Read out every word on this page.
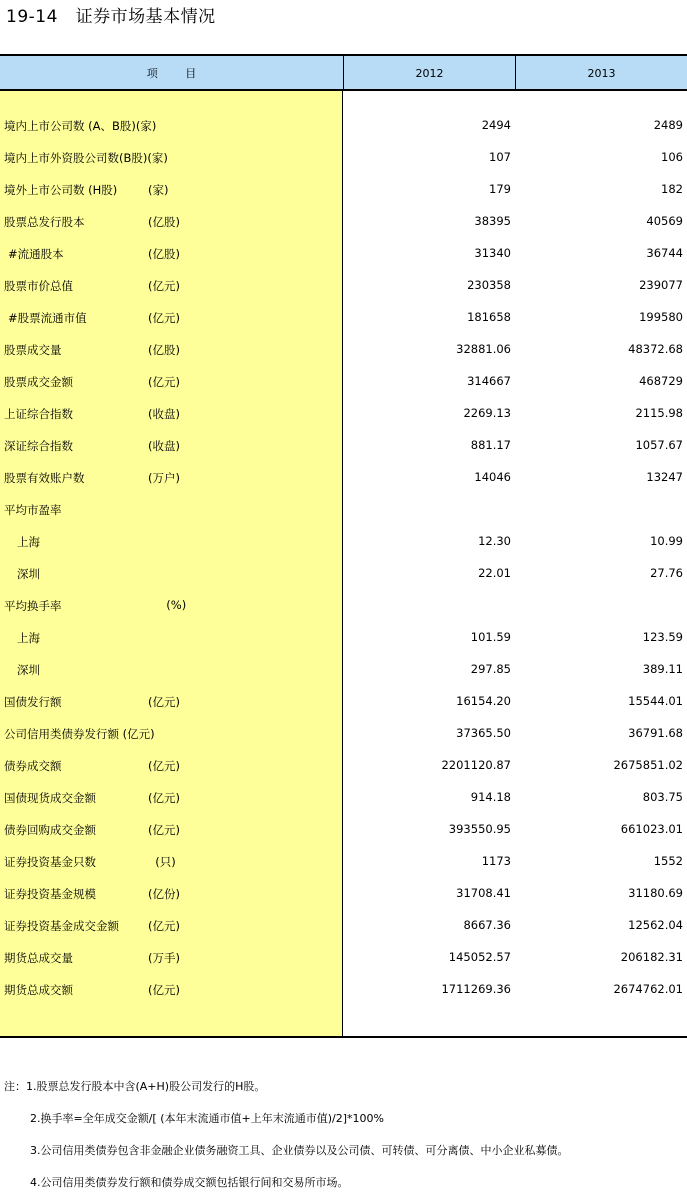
19-14   证券市场基本情况
项 目	2012	2013
境内上市公司数 (A、B股)(家)	2494	2489
境内上市外资股公司数(B股)(家)	107	106
境外上市公司数 (H股)	(家)	179	182
股票总发行股本	(亿股)	38395	40569
#流通股本	(亿股)	31340	36744
股票市价总值	(亿元)	230358	239077
#股票流通市值	(亿元)	181658	199580
股票成交量	(亿股)	32881.06	48372.68
股票成交金额	(亿元)	314667	468729
上证综合指数	(收盘)	2269.13	2115.98
深证综合指数	(收盘)	881.17	1057.67
股票有效账户数	(万户)	14046	13247
平均市盈率
上海	12.30	10.99
深圳	22.01	27.76
平均换手率	(%)
上海	101.59	123.59
深圳	297.85	389.11
国债发行额	(亿元)	16154.20	15544.01
公司信用类债券发行额 (亿元)	37365.50	36791.68
债券成交额	(亿元)	2201120.87	2675851.02
国债现货成交金额	(亿元)	914.18	803.75
债券回购成交金额	(亿元)	393550.95	661023.01
证券投资基金只数	(只)	1173	1552
证券投资基金规模	(亿份)	31708.41	31180.69
证券投资基金成交金额	(亿元)	8667.36	12562.04
期货总成交量	(万手)	145052.57	206182.31
期货总成交额	(亿元)	1711269.36	2674762.01
注：1.股票总发行股本中含(A+H)股公司发行的H股。
2.换手率=全年成交金额/[ (本年末流通市值+上年末流通市值)/2]*100%
3.公司信用类债券包含非金融企业债务融资工具、企业债券以及公司债、可转债、可分离债、中小企业私募债。
4.公司信用类债券发行额和债券成交额包括银行间和交易所市场。
